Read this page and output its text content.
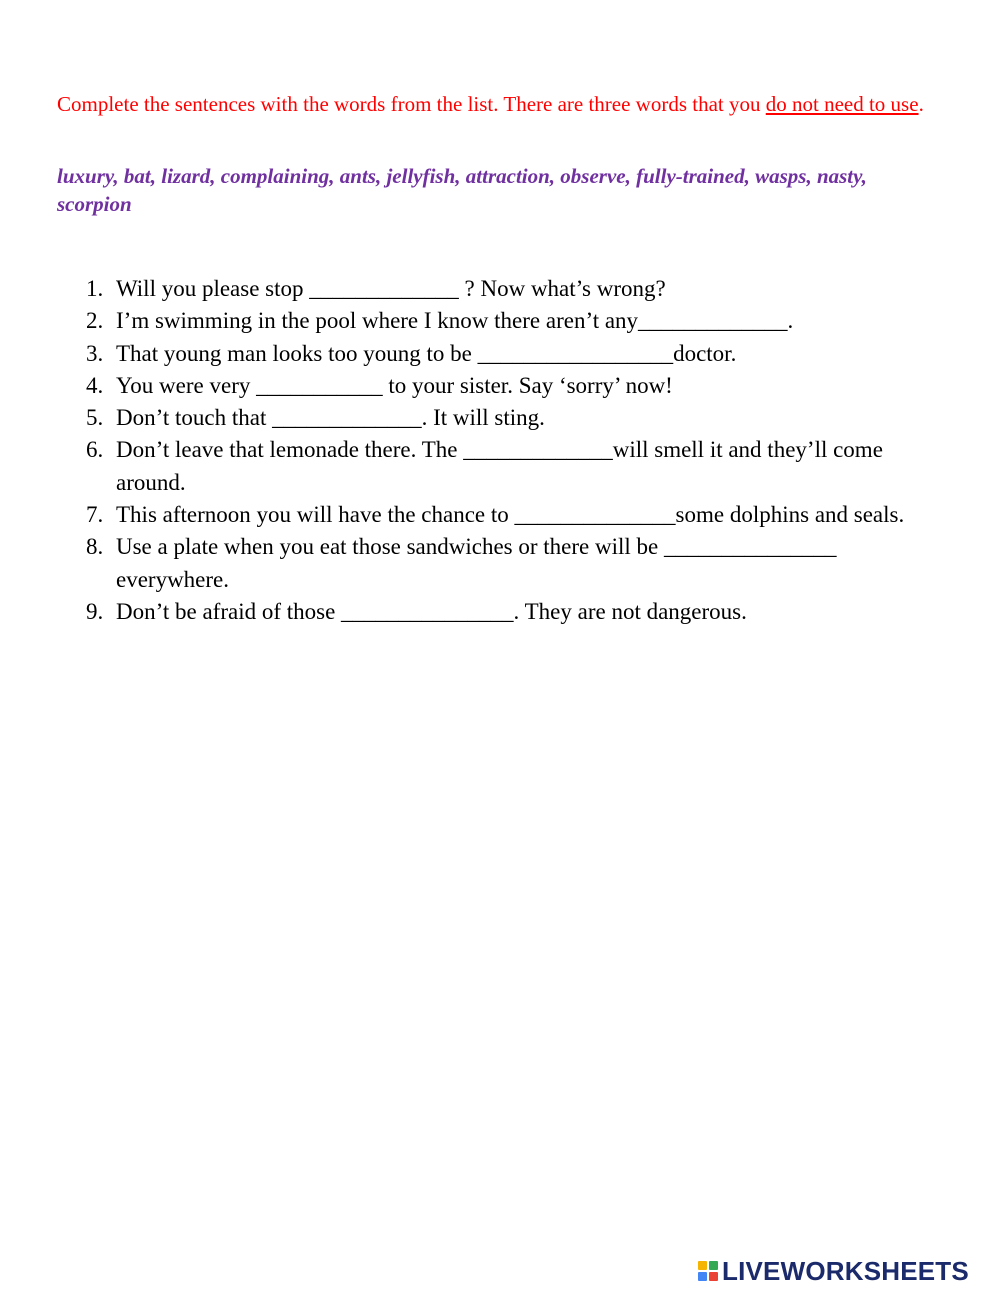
Complete the sentences with the words from the list. There are three words that you do not need to use.

luxury, bat, lizard, complaining, ants, jellyfish, attraction, observe, fully-trained, wasps, nasty, scorpion

1. Will you please stop _____________ ? Now what’s wrong?
2. I’m swimming in the pool where I know there aren’t any_____________.
3. That young man looks too young to be _________________doctor.
4. You were very ___________ to your sister. Say ‘sorry’ now!
5. Don’t touch that _____________. It will sting.
6. Don’t leave that lemonade there. The _____________will smell it and they’ll come around.
7. This afternoon you will have the chance to ______________some dolphins and seals.
8. Use a plate when you eat those sandwiches or there will be _______________ everywhere.
9. Don’t be afraid of those _______________. They are not dangerous.
LIVEWORKSHEETS
